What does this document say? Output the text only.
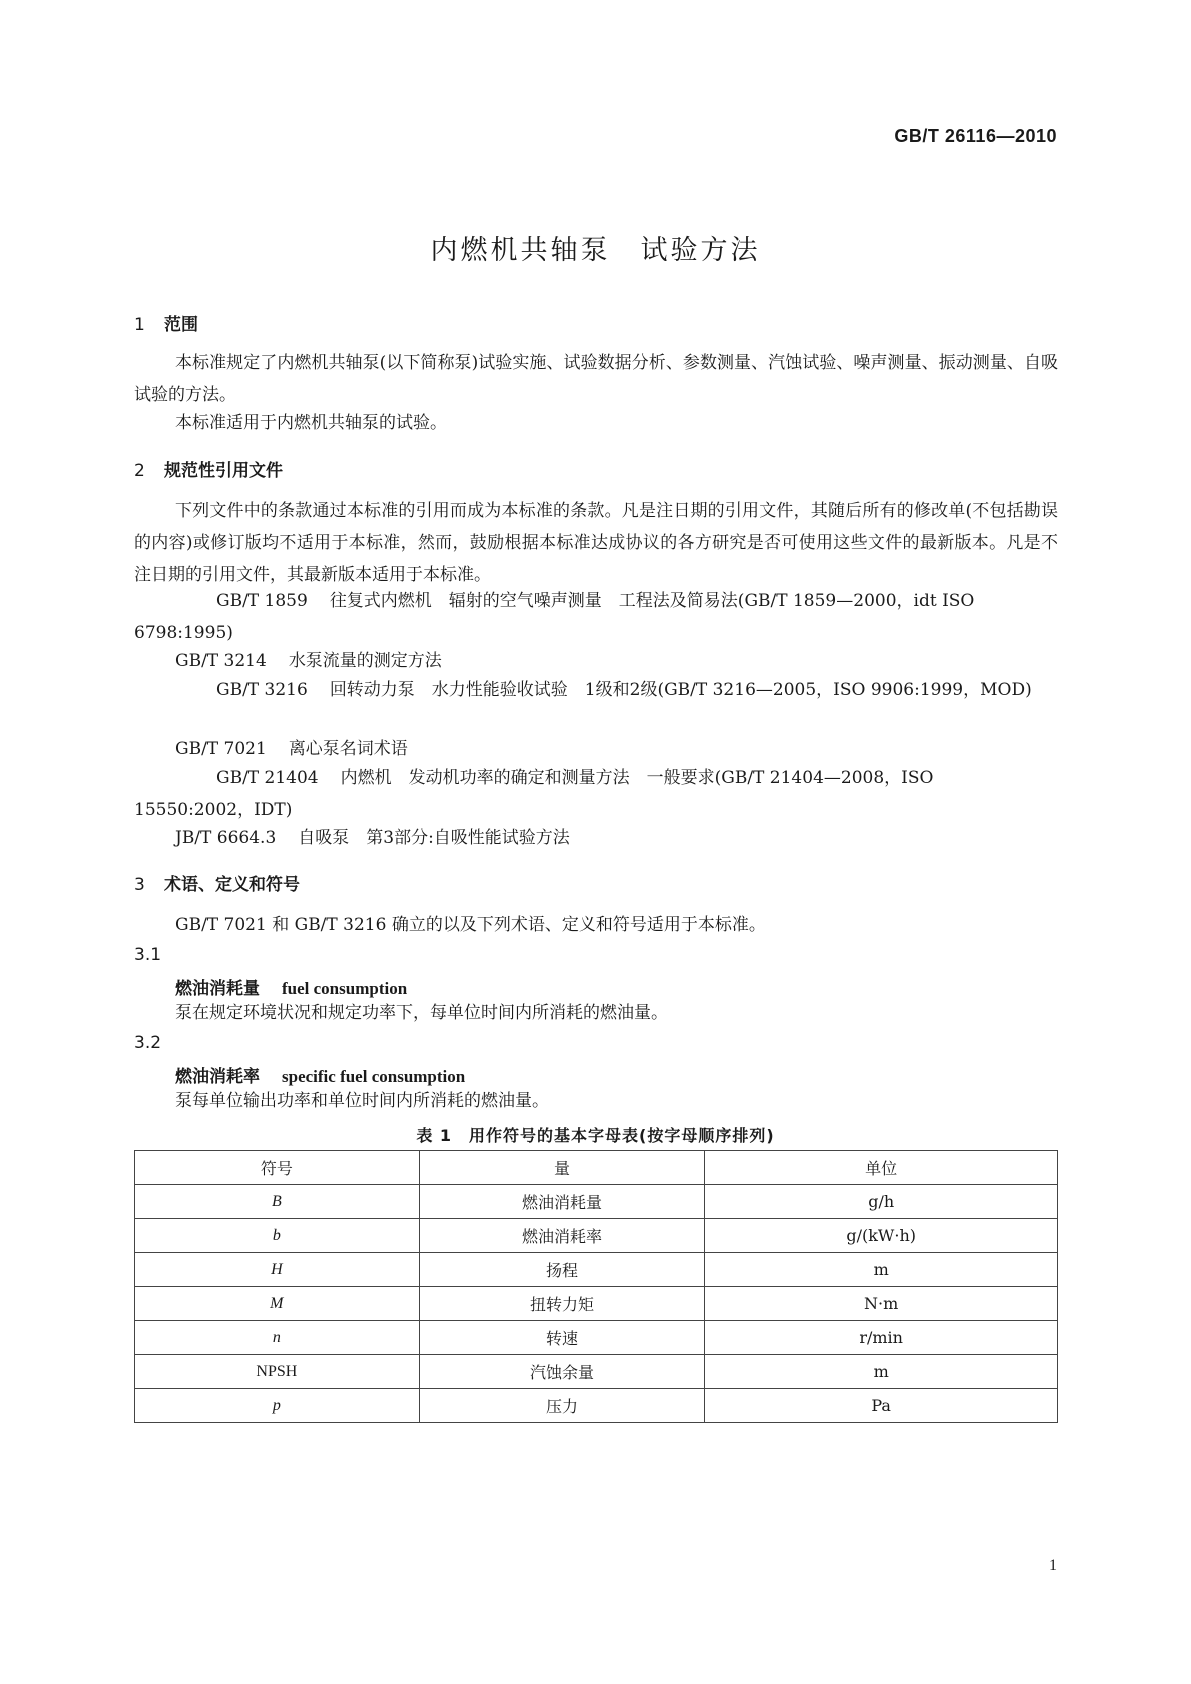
GB/T 26116—2010
内燃机共轴泵　试验方法
1 范围
本标准规定了内燃机共轴泵(以下简称泵)试验实施、试验数据分析、参数测量、汽蚀试验、噪声测量、振动测量、自吸试验的方法。
本标准适用于内燃机共轴泵的试验。
2 规范性引用文件
下列文件中的条款通过本标准的引用而成为本标准的条款。凡是注日期的引用文件，其随后所有的修改单(不包括勘误的内容)或修订版均不适用于本标准，然而，鼓励根据本标准达成协议的各方研究是否可使用这些文件的最新版本。凡是不注日期的引用文件，其最新版本适用于本标准。
GB/T 1859 往复式内燃机　辐射的空气噪声测量　工程法及简易法(GB/T 1859—2000，idt ISO 6798:1995)
GB/T 3214 水泵流量的测定方法
GB/T 3216 回转动力泵　水力性能验收试验　1级和2级(GB/T 3216—2005，ISO 9906:1999，MOD)
GB/T 7021 离心泵名词术语
GB/T 21404 内燃机　发动机功率的确定和测量方法　一般要求(GB/T 21404—2008，ISO 15550:2002，IDT)
JB/T 6664.3 自吸泵　第3部分:自吸性能试验方法
3 术语、定义和符号
GB/T 7021 和 GB/T 3216 确立的以及下列术语、定义和符号适用于本标准。
3.1
燃油消耗量 fuel consumption
泵在规定环境状况和规定功率下，每单位时间内所消耗的燃油量。
3.2
燃油消耗率 specific fuel consumption
泵每单位输出功率和单位时间内所消耗的燃油量。
表 1　用作符号的基本字母表(按字母顺序排列)
符号	量	单位
B	燃油消耗量	g/h
b	燃油消耗率	g/(kW·h)
H	扬程	m
M	扭转力矩	N·m
n	转速	r/min
NPSH	汽蚀余量	m
p	压力	Pa
1
